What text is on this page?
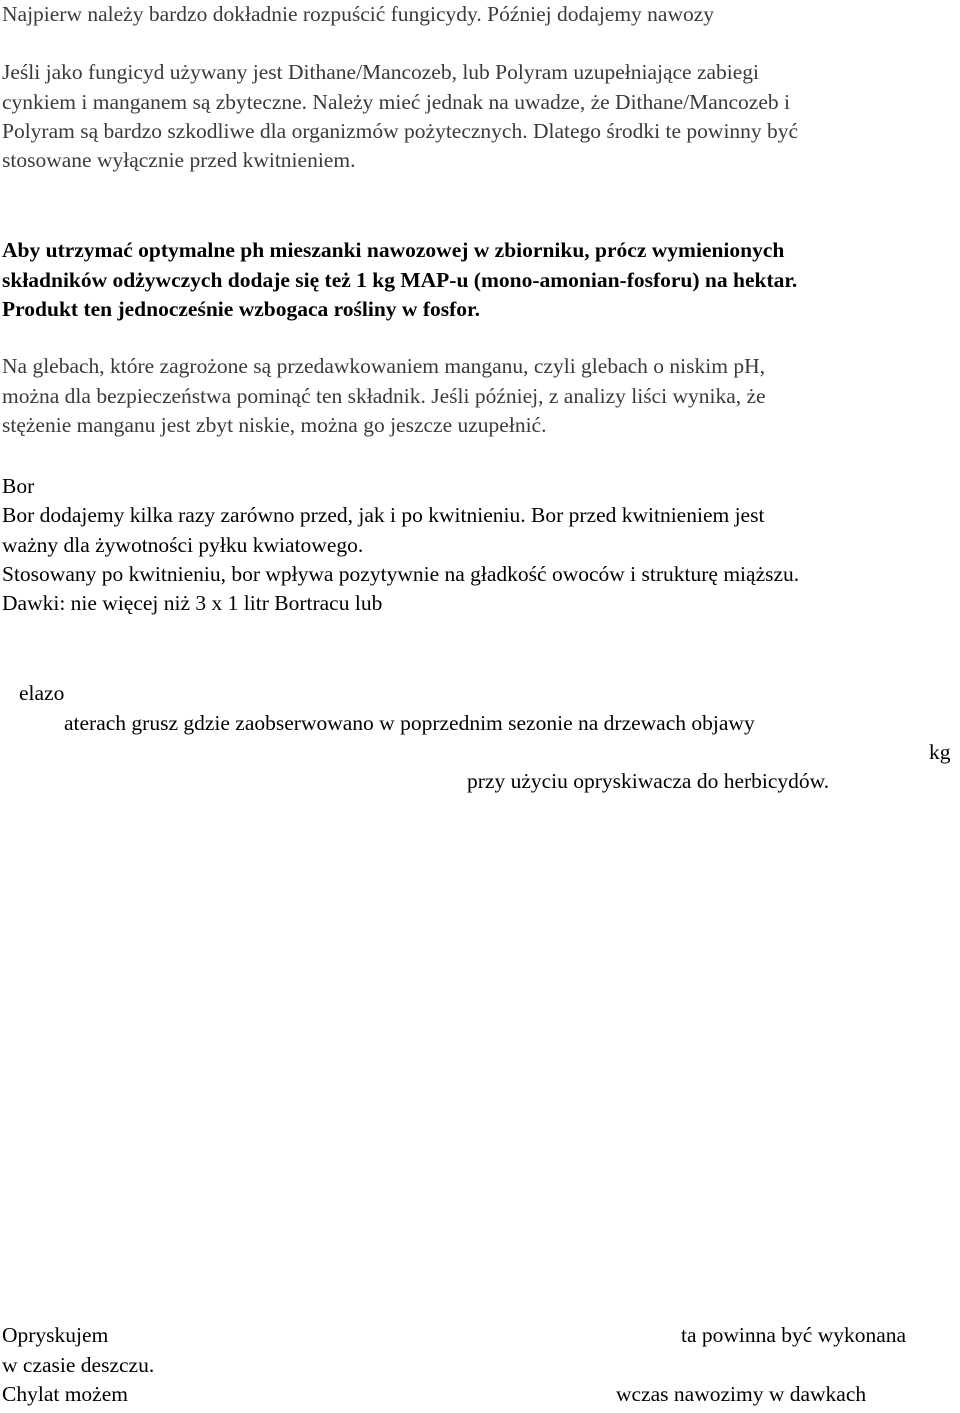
Najpierw należy bardzo dokładnie rozpuścić fungicydy. Później dodajemy nawozy
Jeśli jako fungicyd używany jest Dithane/Mancozeb, lub Polyram uzupełniające zabiegi
cynkiem i manganem są zbyteczne. Należy mieć jednak na uwadze, że Dithane/Mancozeb i
Polyram są bardzo szkodliwe dla organizmów pożytecznych. Dlatego środki te powinny być
stosowane wyłącznie przed kwitnieniem.
Aby utrzymać optymalne ph mieszanki nawozowej w zbiorniku, prócz wymienionych
składników odżywczych dodaje się też 1 kg MAP-u (mono-amonian-fosforu) na hektar.
Produkt ten jednocześnie wzbogaca rośliny w fosfor.
Na glebach, które zagrożone są przedawkowaniem manganu, czyli glebach o niskim pH,
można dla bezpieczeństwa pominąć ten składnik. Jeśli później, z analizy liści wynika, że
stężenie manganu jest zbyt niskie, można go jeszcze uzupełnić.
Bor
Bor dodajemy kilka razy zarówno przed, jak i po kwitnieniu. Bor przed kwitnieniem jest
ważny dla żywotności pyłku kwiatowego.
Stosowany po kwitnieniu, bor wpływa pozytywnie na gładkość owoców i strukturę miąższu.
Dawki: nie więcej niż 3 x 1 litr Bortracu lub
elazo
aterach grusz gdzie zaobserwowano w poprzednim sezonie na drzewach objawy
kg
przy użyciu opryskiwacza do herbicydów.
Opryskujem
w czasie deszczu.
Chylat możem
ta powinna być wykonana
wczas nawozimy w dawkach
